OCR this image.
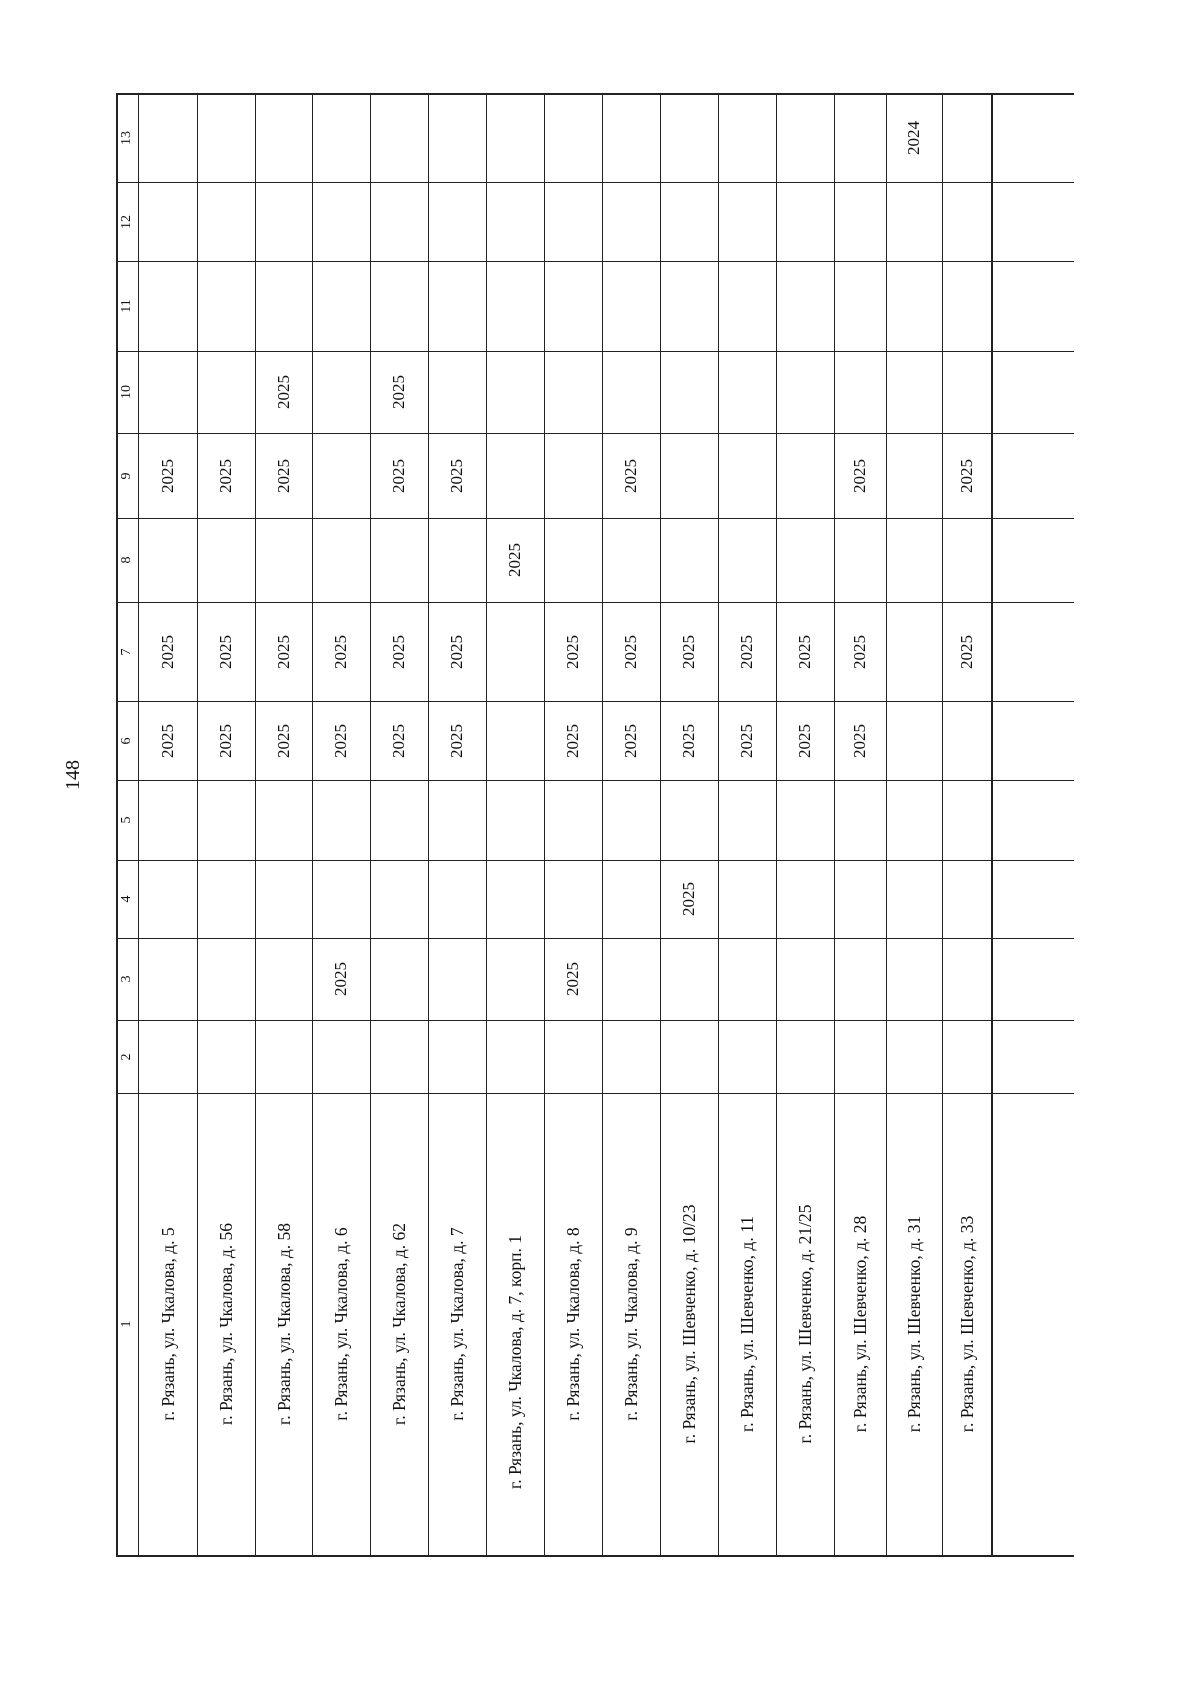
148
1
2
3
4
5
6
7
8
9
10
11
12
13
г. Рязань, ул. Чкалова, д. 5
2025
2025
2025
г. Рязань, ул. Чкалова, д. 56
2025
2025
2025
г. Рязань, ул. Чкалова, д. 58
2025
2025
2025
2025
г. Рязань, ул. Чкалова, д. 6
2025
2025
2025
г. Рязань, ул. Чкалова, д. 62
2025
2025
2025
2025
г. Рязань, ул. Чкалова, д. 7
2025
2025
2025
г. Рязань, ул. Чкалова, д. 7, корп. 1
2025
г. Рязань, ул. Чкалова, д. 8
2025
2025
2025
г. Рязань, ул. Чкалова, д. 9
2025
2025
2025
г. Рязань, ул. Шевченко, д. 10/23
2025
2025
2025
г. Рязань, ул. Шевченко, д. 11
2025
2025
г. Рязань, ул. Шевченко, д. 21/25
2025
2025
г. Рязань, ул. Шевченко, д. 28
2025
2025
2025
г. Рязань, ул. Шевченко, д. 31
2024
г. Рязань, ул. Шевченко, д. 33
2025
2025
